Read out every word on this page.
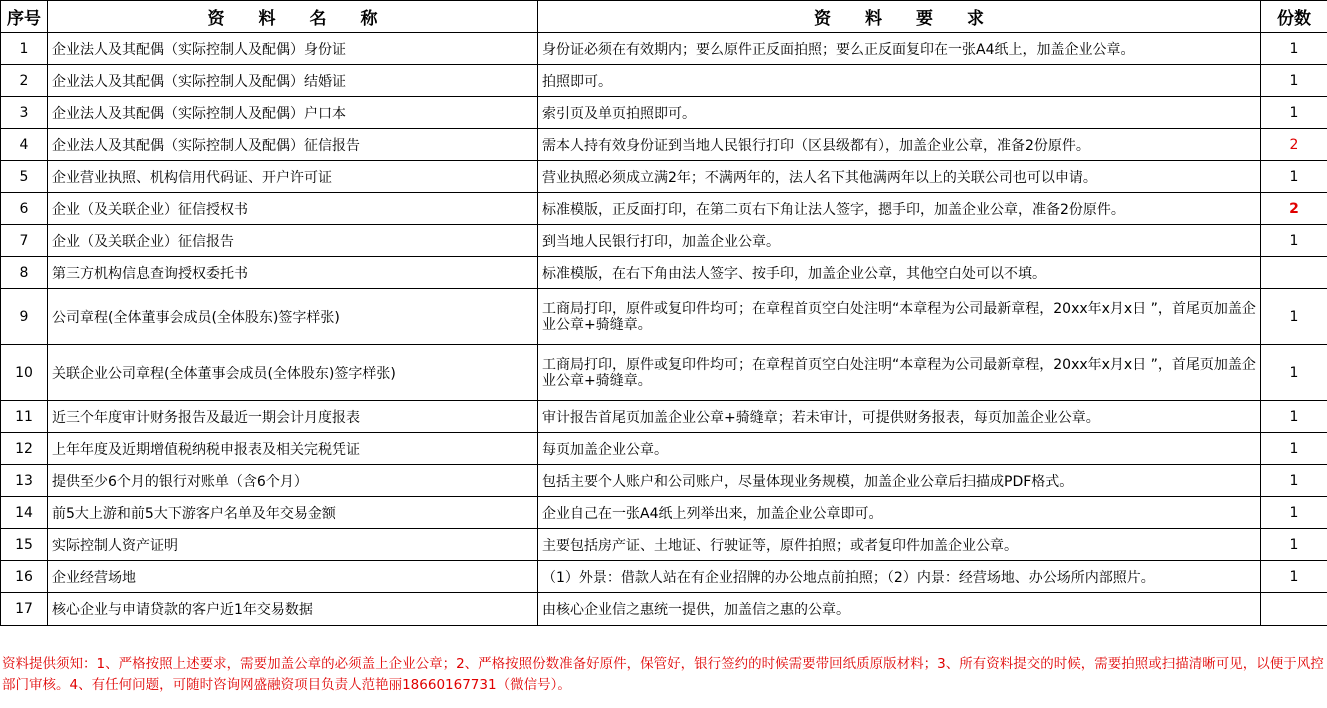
序号	资　　料　　名　　称	资　　料　　要　　求	份数
1	企业法人及其配偶（实际控制人及配偶）身份证	身份证必须在有效期内；要么原件正反面拍照；要么正反面复印在一张A4纸上，加盖企业公章。	1
2	企业法人及其配偶（实际控制人及配偶）结婚证	拍照即可。	1
3	企业法人及其配偶（实际控制人及配偶）户口本	索引页及单页拍照即可。	1
4	企业法人及其配偶（实际控制人及配偶）征信报告	需本人持有效身份证到当地人民银行打印（区县级都有），加盖企业公章，准备2份原件。	2
5	企业营业执照、机构信用代码证、开户许可证	营业执照必须成立满2年；不满两年的，法人名下其他满两年以上的关联公司也可以申请。	1
6	企业（及关联企业）征信授权书	标准模版，正反面打印，在第二页右下角让法人签字，摁手印，加盖企业公章，准备2份原件。	2
7	企业（及关联企业）征信报告	到当地人民银行打印，加盖企业公章。	1
8	第三方机构信息查询授权委托书	标准模版，在右下角由法人签字、按手印，加盖企业公章，其他空白处可以不填。	
9	公司章程(全体董事会成员(全体股东)签字样张)	工商局打印，原件或复印件均可；在章程首页空白处注明“本章程为公司最新章程，20xx年x月x日 ”，首尾页加盖企业公章+骑缝章。	1
10	关联企业公司章程(全体董事会成员(全体股东)签字样张)	工商局打印，原件或复印件均可；在章程首页空白处注明“本章程为公司最新章程，20xx年x月x日 ”，首尾页加盖企业公章+骑缝章。	1
11	近三个年度审计财务报告及最近一期会计月度报表	审计报告首尾页加盖企业公章+骑缝章；若未审计，可提供财务报表，每页加盖企业公章。	1
12	上年年度及近期增值税纳税申报表及相关完税凭证	每页加盖企业公章。	1
13	提供至少6个月的银行对账单（含6个月）	包括主要个人账户和公司账户，尽量体现业务规模，加盖企业公章后扫描成PDF格式。	1
14	前5大上游和前5大下游客户名单及年交易金额	企业自己在一张A4纸上列举出来，加盖企业公章即可。	1
15	实际控制人资产证明	主要包括房产证、土地证、行驶证等，原件拍照；或者复印件加盖企业公章。	1
16	企业经营场地	（1）外景：借款人站在有企业招牌的办公地点前拍照；（2）内景：经营场地、办公场所内部照片。	1
17	核心企业与申请贷款的客户近1年交易数据	由核心企业信之惠统一提供，加盖信之惠的公章。	
资料提供须知：1、严格按照上述要求，需要加盖公章的必须盖上企业公章；2、严格按照份数准备好原件，保管好，银行签约的时候需要带回纸质原版材料；3、所有资料提交的时候，需要拍照或扫描清晰可见，以便于风控部门审核。4、有任何问题，可随时咨询网盛融资项目负责人范艳丽18660167731（微信号）。
